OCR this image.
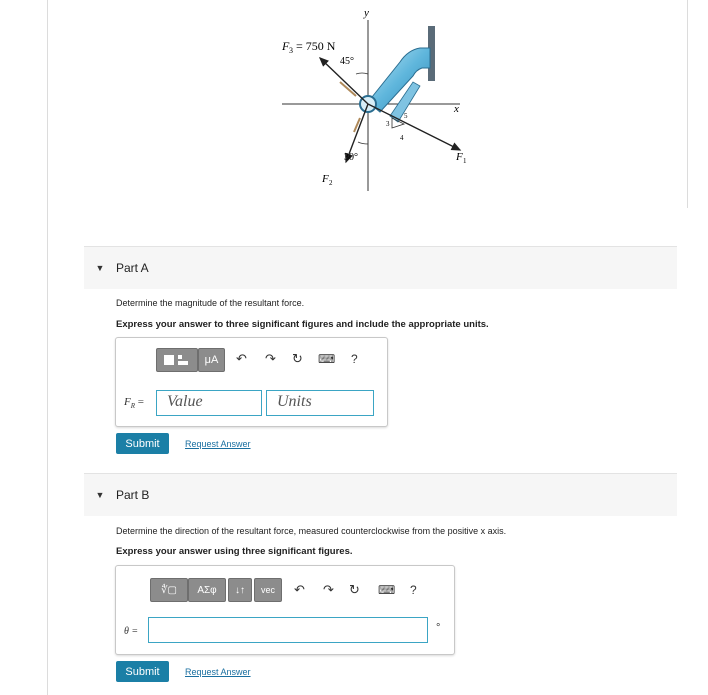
F 3 = 750 N
45°
y
x
30°	F 1
F 2
3
4
5
▼ Part A
Determine the magnitude of the resultant force.
Express your answer to three significant figures and include the appropriate units.
μA	↶ ↷ ↻ ⌨ ?
$F_R$ =	Value	Units
Submit	Request Answer
▼ Part B
Determine the direction of the resultant force, measured counterclockwise from the positive x axis.
Express your answer using three significant figures.
∜▢	ΑΣφ	↓↑	vec	↶ ↷ ↻ ⌨ ?
θ =	°
Submit	Request Answer
